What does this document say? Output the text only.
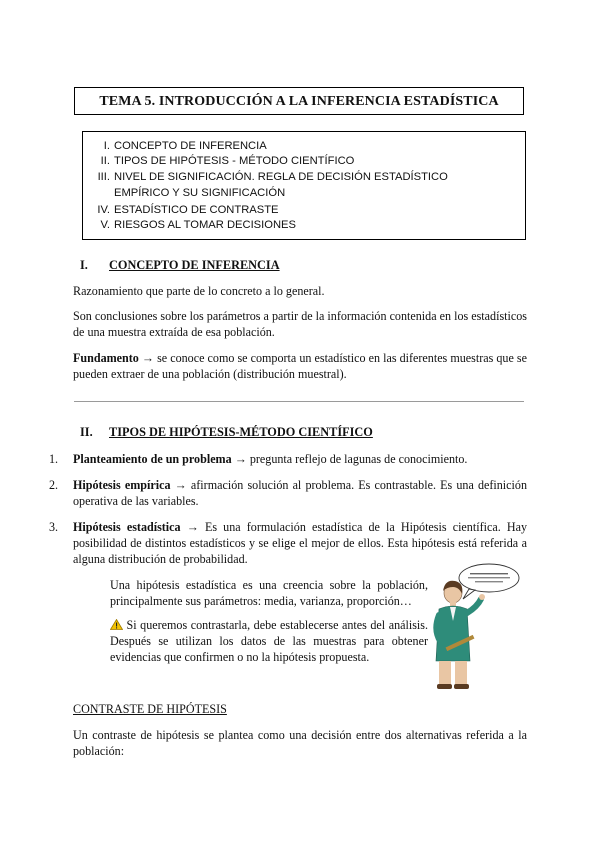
TEMA 5. INTRODUCCIÓN A LA INFERENCIA ESTADÍSTICA
I. CONCEPTO DE INFERENCIA
II. TIPOS DE HIPÓTESIS - MÉTODO CIENTÍFICO
III. NIVEL DE SIGNIFICACIÓN. REGLA DE DECISIÓN ESTADÍSTICO
EMPÍRICO Y SU SIGNIFICACIÓN
IV. ESTADÍSTICO DE CONTRASTE
V. RIESGOS AL TOMAR DECISIONES
I. CONCEPTO DE INFERENCIA
Razonamiento que parte de lo concreto a lo general.
Son conclusiones sobre los parámetros a partir de la información contenida en los estadísticos de una muestra extraída de esa población.
Fundamento → se conoce como se comporta un estadístico en las diferentes muestras que se pueden extraer de una población (distribución muestral).
II. TIPOS DE HIPÓTESIS-MÉTODO CIENTÍFICO
1. Planteamiento de un problema → pregunta reflejo de lagunas de conocimiento.
2. Hipótesis empírica → afirmación solución al problema. Es contrastable. Es una definición operativa de las variables.
3. Hipótesis estadística → Es una formulación estadística de la Hipótesis científica. Hay posibilidad de distintos estadísticos y se elige el mejor de ellos. Esta hipótesis está referida a alguna distribución de probabilidad.
Una hipótesis estadística es una creencia sobre la población, principalmente sus parámetros: media, varianza, proporción…
Si queremos contrastarla, debe establecerse antes del análisis. Después se utilizan los datos de las muestras para obtener evidencias que confirmen o no la hipótesis propuesta.
CONTRASTE DE HIPÓTESIS
Un contraste de hipótesis se plantea como una decisión entre dos alternativas referida a la población:
